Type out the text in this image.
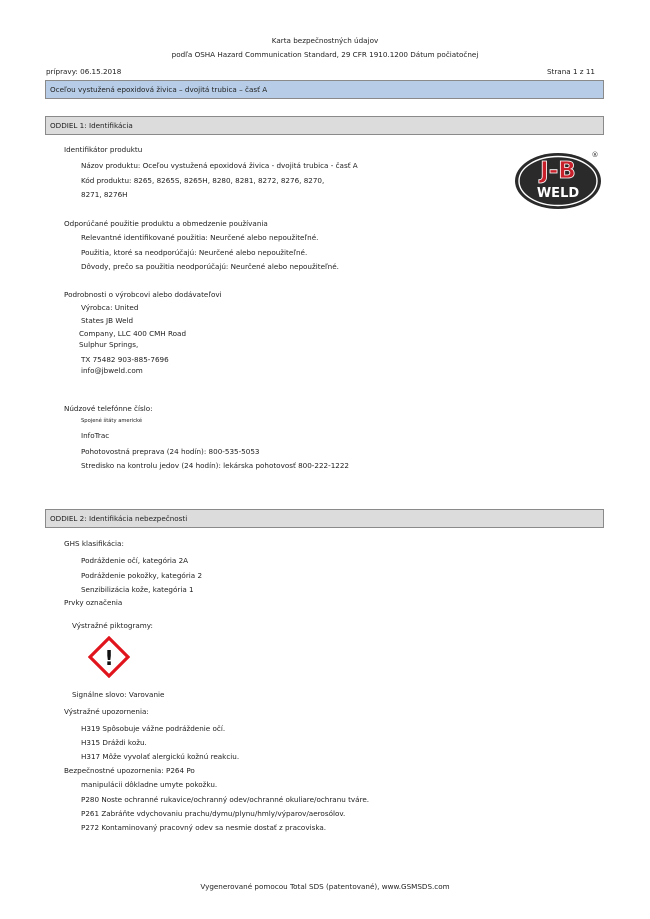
Karta bezpečnostných údajov
podľa OSHA Hazard Communication Standard, 29 CFR 1910.1200 Dátum počiatočnej
prípravy: 06.15.2018	Strana 1 z 11
Oceľou vystužená epoxidová živica – dvojitá trubica – časť A
ODDIEL 1: Identifikácia
Identifikátor produktu
Názov produktu: Oceľou vystužená epoxidová živica - dvojitá trubica - časť A
Kód produktu: 8265, 8265S, 8265H, 8280, 8281, 8272, 8276, 8270,
8271, 8276H
J-B
WELD
®
Odporúčané použitie produktu a obmedzenie používania
Relevantné identifikované použitia: Neurčené alebo nepoužiteľné.
Použitia, ktoré sa neodporúčajú: Neurčené alebo nepoužiteľné.
Dôvody, prečo sa použitia neodporúčajú: Neurčené alebo nepoužiteľné.
Podrobnosti o výrobcovi alebo dodávateľovi
Výrobca: United
States JB Weld
Company, LLC 400 CMH Road
Sulphur Springs,
TX 75482 903-885-7696
info@jbweld.com
Núdzové telefónne číslo:
Spojené štáty americké
InfoTrac
Pohotovostná preprava (24 hodín): 800-535-5053
Stredisko na kontrolu jedov (24 hodín): lekárska pohotovosť 800-222-1222
ODDIEL 2: Identifikácia nebezpečnosti
GHS klasifikácia:
Podráždenie očí, kategória 2A
Podráždenie pokožky, kategória 2
Senzibilizácia kože, kategória 1
Prvky označenia
Výstražné piktogramy:
!
Signálne slovo: Varovanie
Výstražné upozornenia:
H319 Spôsobuje vážne podráždenie očí.
H315 Dráždi kožu.
H317 Môže vyvolať alergickú kožnú reakciu.
Bezpečnostné upozornenia: P264 Po
manipulácii dôkladne umyte pokožku.
P280 Noste ochranné rukavice/ochranný odev/ochranné okuliare/ochranu tváre.
P261 Zabráňte vdychovaniu prachu/dymu/plynu/hmly/výparov/aerosólov.
P272 Kontaminovaný pracovný odev sa nesmie dostať z pracoviska.
Vygenerované pomocou Total SDS (patentované), www.GSMSDS.com
